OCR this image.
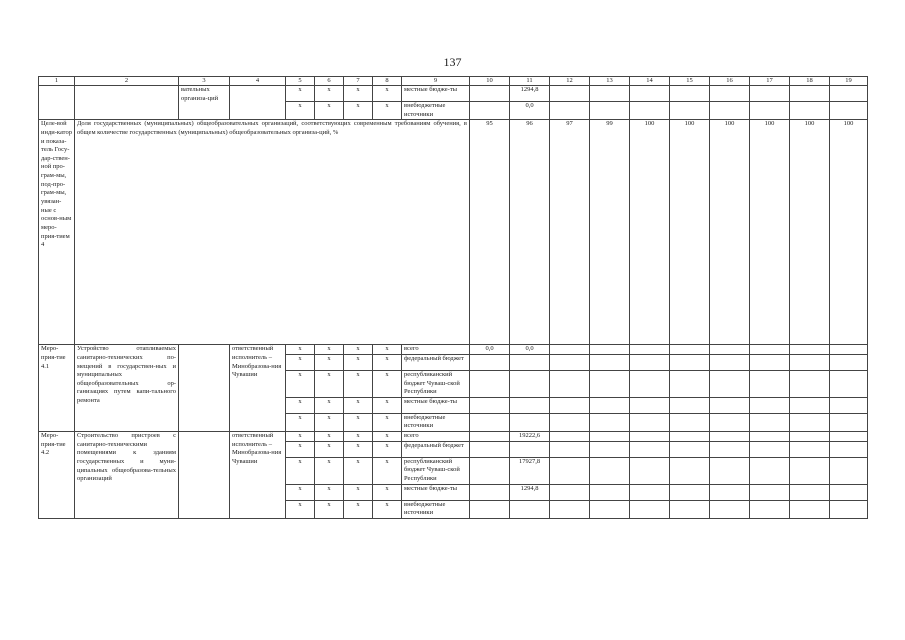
137
1	2	3	4	5	6	7	8	9	10	11	12	13	14	15	16	17	18	19
		вательных организа-ций		x	x	x	x	местные бюдже-ты		1294,8								
				x	x	x	x	внебюджетные источники		0,0								
Целе-вой инди-катор и показа-тель Госу-дар-ствен-ной про-грам-мы, под-про-грам-мы, увязан-ные с основ-ным меро-прия-тием 4	Доля государственных (муниципальных) общеобразовательных организаций, соответствующих современным требованиям обучения, в общем количестве государственных (муниципальных) общеобразовательных организа-ций, %								95	96	97	99	100	100	100	100	100	100
Меро-прия-тие 4.1	Устройство отапливаемых санитарно-технических по-мещений в государствен-ных и муниципальных общеобразовательных ор-ганизациях путем капи-тального ремонта		ответственный исполнитель – Минобразова-ния Чувашии	x	x	x	x	всего	0,0	0,0								
				x	x	x	x	федеральный бюджет										
				x	x	x	x	республиканский бюджет Чуваш-ской Республики										
				x	x	x	x	местные бюдже-ты										
				x	x	x	x	внебюджетные источники										
Меро-прия-тие 4.2	Строительство пристроев с санитарно-техническими помещениями к зданиям государственных и муни-ципальных общеобразова-тельных организаций		ответственный исполнитель – Минобразова-ния Чувашии	x	x	x	x	всего		19222,6								
				x	x	x	x	федеральный бюджет										
				x	x	x	x	республиканский бюджет Чуваш-ской Республики		17927,8								
				x	x	x	x	местные бюдже-ты		1294,8								
				x	x	x	x	внебюджетные источники										
